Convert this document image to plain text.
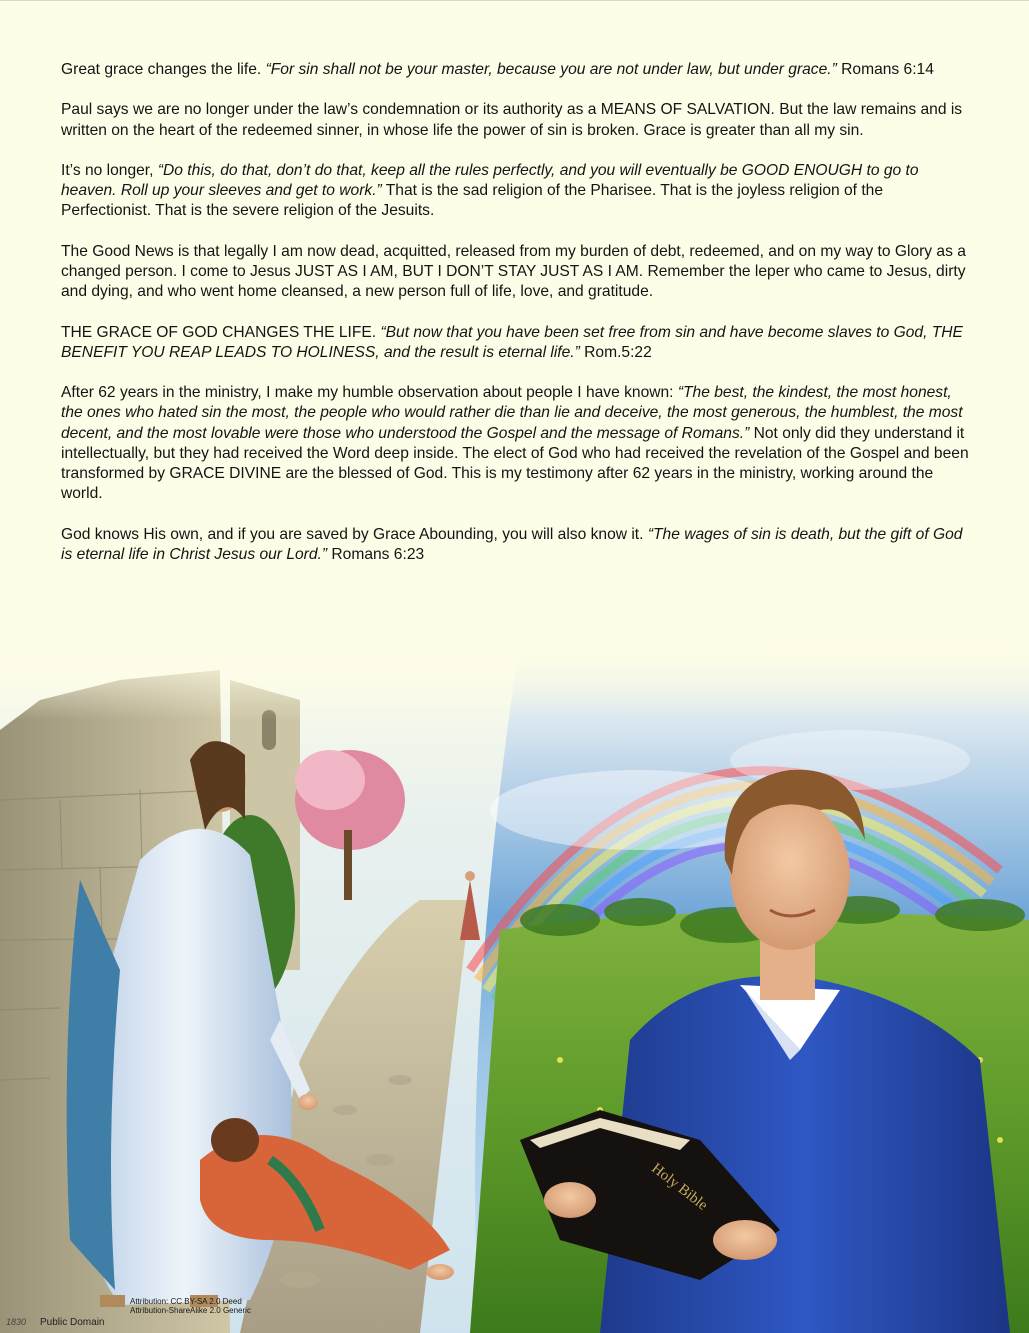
Great grace changes the life. “For sin shall not be your master, because you are not under law, but under grace.” Romans 6:14

Paul says we are no longer under the law’s condemnation or its authority as a MEANS OF SALVATION. But the law remains and is written on the heart of the redeemed sinner, in whose life the power of sin is broken. Grace is greater than all my sin.

It’s no longer, “Do this, do that, don’t do that, keep all the rules perfectly, and you will eventually be GOOD ENOUGH to go to heaven. Roll up your sleeves and get to work.” That is the sad religion of the Pharisee. That is the joyless religion of the Perfectionist. That is the severe religion of the Jesuits.

The Good News is that legally I am now dead, acquitted, released from my burden of debt, redeemed, and on my way to Glory as a changed person. I come to Jesus JUST AS I AM, BUT I DON’T STAY JUST AS I AM. Remember the leper who came to Jesus, dirty and dying, and who went home cleansed, a new person full of life, love, and gratitude.

THE GRACE OF GOD CHANGES THE LIFE. “But now that you have been set free from sin and have become slaves to God, THE BENEFIT YOU REAP LEADS TO HOLINESS, and the result is eternal life.” Rom.5:22

After 62 years in the ministry, I make my humble observation about people I have known: “The best, the kindest, the most honest, the ones who hated sin the most, the people who would rather die than lie and deceive, the most generous, the humblest, the most decent, and the most lovable were those who understood the Gospel and the message of Romans.” Not only did they understand it intellectually, but they had received the Word deep inside. The elect of God who had received the revelation of the Gospel and been transformed by GRACE DIVINE are the blessed of God. This is my testimony after 62 years in the ministry, working around the world.

God knows His own, and if you are saved by Grace Abounding, you will also know it. “The wages of sin is death, but the gift of God is eternal life in Christ Jesus our Lord.” Romans 6:23

Holy Bible
Attribution: CC BY-SA 2.0 Deed
Attribution-ShareAlike 2.0 Generic
1830 Public Domain
